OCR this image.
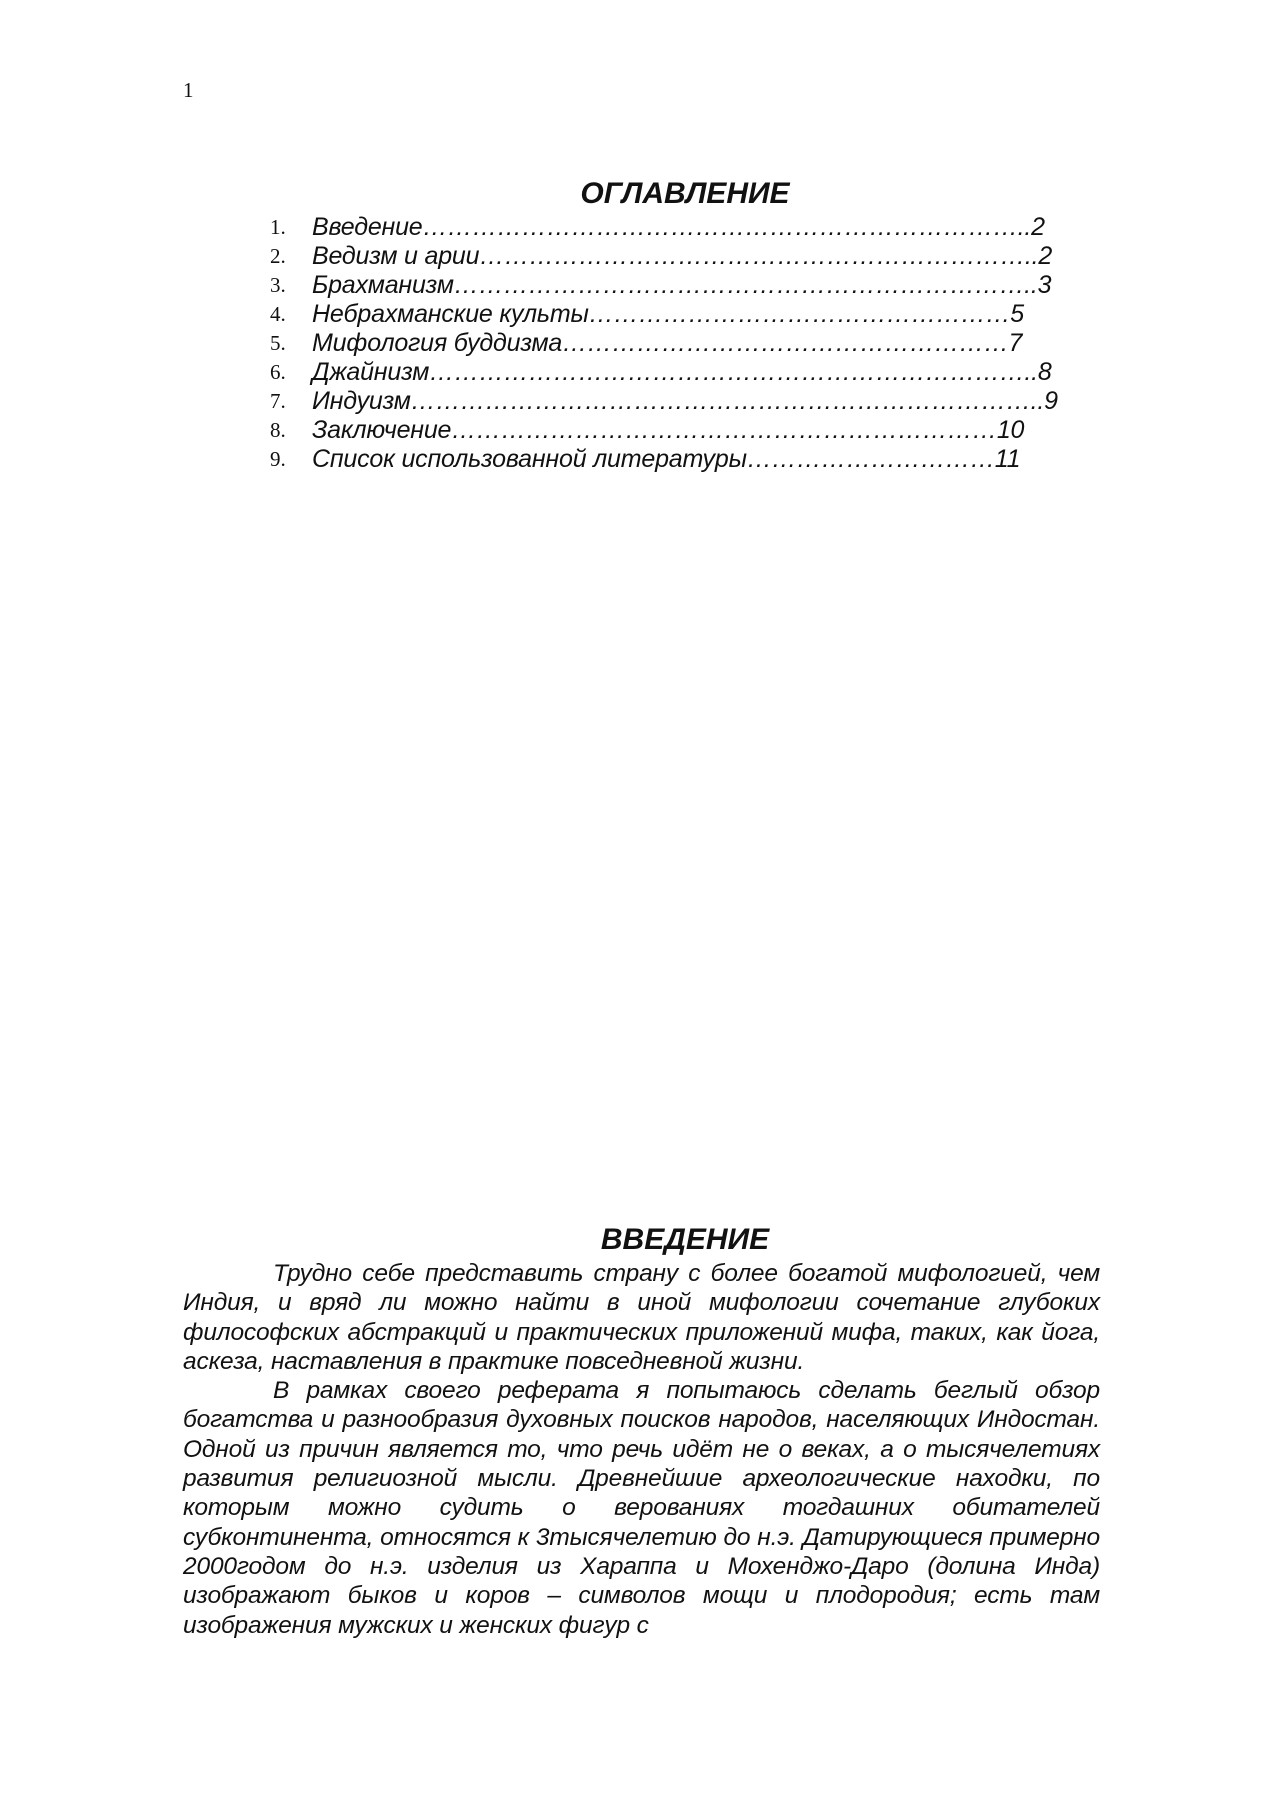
1
ОГЛАВЛЕНИЕ
1. Введение………………………………………………………………..2
2. Ведизм и арии…………………………………………………………..2
3. Брахманизм……………………………………………………………..3
4. Небрахманские культы……………………………………………5
5. Мифология буддизма………………………………………………7
6. Джайнизм………………………………………………………………..8
7. Индуизм…………………………………………………………………..9
8. Заключение…………………………………………………………10
9. Список использованной литературы…………………………11
ВВЕДЕНИЕ

Трудно себе представить страну с более богатой мифологией, чем Индия, и вряд ли можно найти в иной мифологии сочетание глубоких философских абстракций и практических приложений мифа, таких, как йога, аскеза, наставления в практике повседневной жизни.

В рамках своего реферата я попытаюсь сделать беглый обзор богатства и разнообразия духовных поисков народов, населяющих Индостан. Одной из причин является то, что речь идёт не о веках, а о тысячелетиях развития религиозной мысли. Древнейшие археологические находки, по которым можно судить о верованиях тогдашних обитателей субконтинента, относятся к 3тысячелетию до н.э. Датирующиеся примерно 2000годом до н.э. изделия из Хараппа и Мохенджо-Даро (долина Инда) изображают быков и коров – символов мощи и плодородия; есть там изображения мужских и женских фигур с
